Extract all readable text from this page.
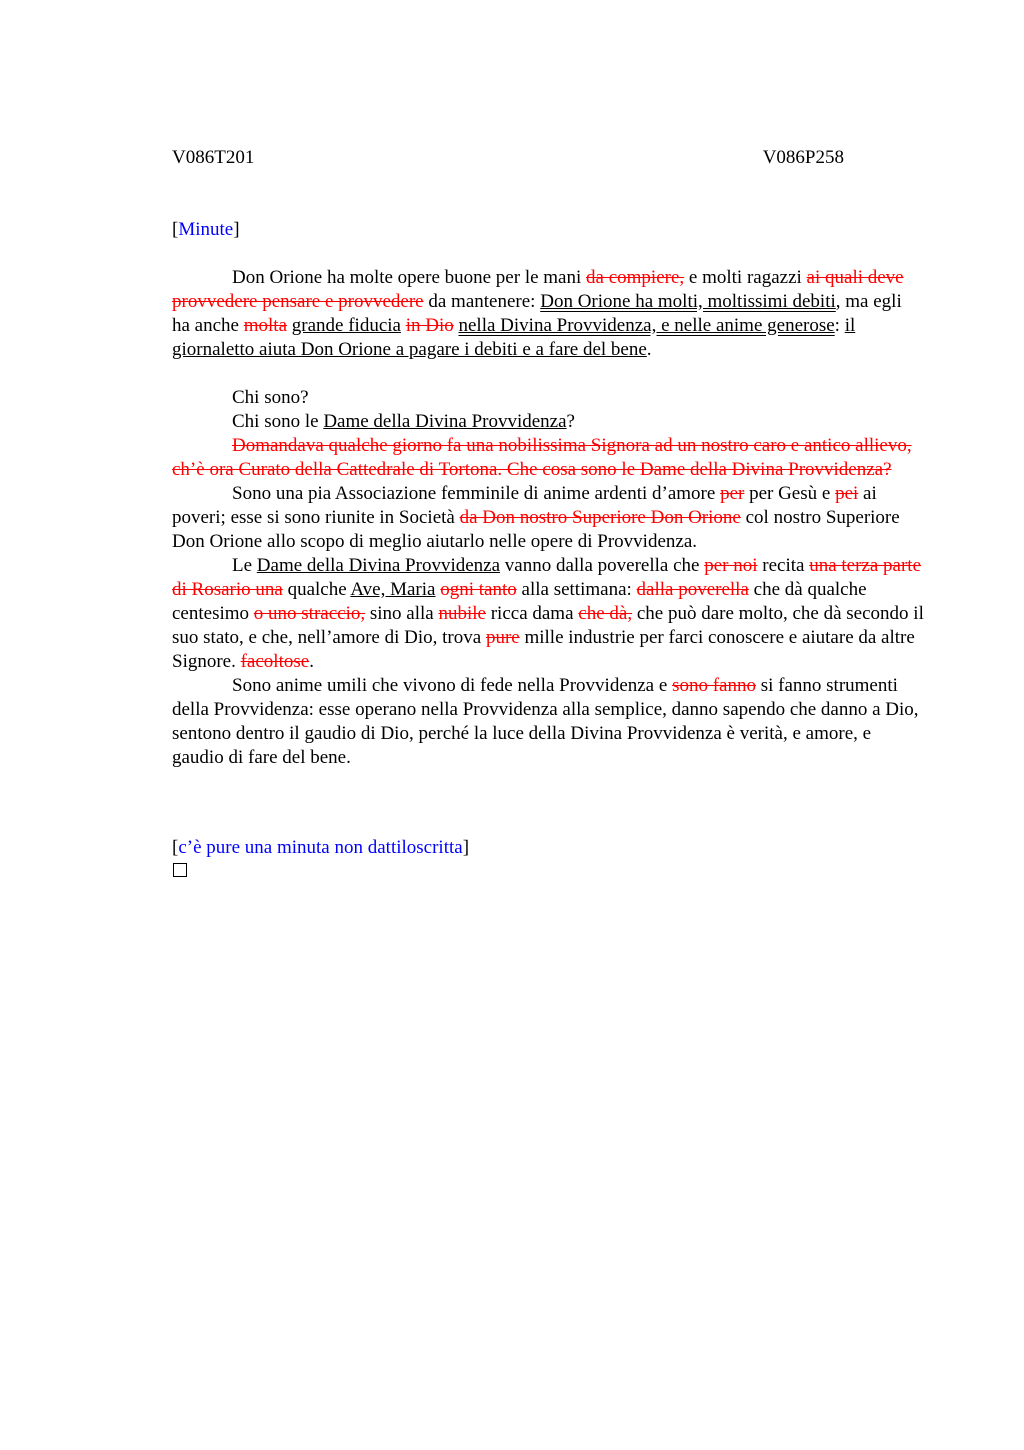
V086T201	V086P258
[Minute]

Don Orione ha molte opere buone per le mani da compiere, e molti ragazzi ai quali deve provvedere pensare e provvedere da mantenere: Don Orione ha molti, moltissimi debiti, ma egli ha anche molta grande fiducia in Dio nella Divina Provvidenza, e nelle anime generose: il giornaletto aiuta Don Orione a pagare i debiti e a fare del bene.

Chi sono?

Chi sono le Dame della Divina Provvidenza?

Domandava qualche giorno fa una nobilissima Signora ad un nostro caro e antico allievo, ch’è ora Curato della Cattedrale di Tortona. Che cosa sono le Dame della Divina Provvidenza?

Sono una pia Associazione femminile di anime ardenti d’amore per per Gesù e pei ai poveri; esse si sono riunite in Società da Don nostro Superiore Don Orione col nostro Superiore Don Orione allo scopo di meglio aiutarlo nelle opere di Provvidenza.

Le Dame della Divina Provvidenza vanno dalla poverella che per noi recita una terza parte di Rosario una qualche Ave, Maria ogni tanto alla settimana: dalla poverella che dà qualche centesimo o uno straccio, sino alla nubile ricca dama che dà, che può dare molto, che dà secondo il suo stato, e che, nell’amore di Dio, trova pure mille industrie per farci conoscere e aiutare da altre Signore. facoltose.

Sono anime umili che vivono di fede nella Provvidenza e sono fanno si fanno strumenti della Provvidenza: esse operano nella Provvidenza alla semplice, danno sapendo che danno a Dio, sentono dentro il gaudio di Dio, perché la luce della Divina Provvidenza è verità, e amore, e gaudio di fare del bene.

[c’è pure una minuta non dattiloscritta]
